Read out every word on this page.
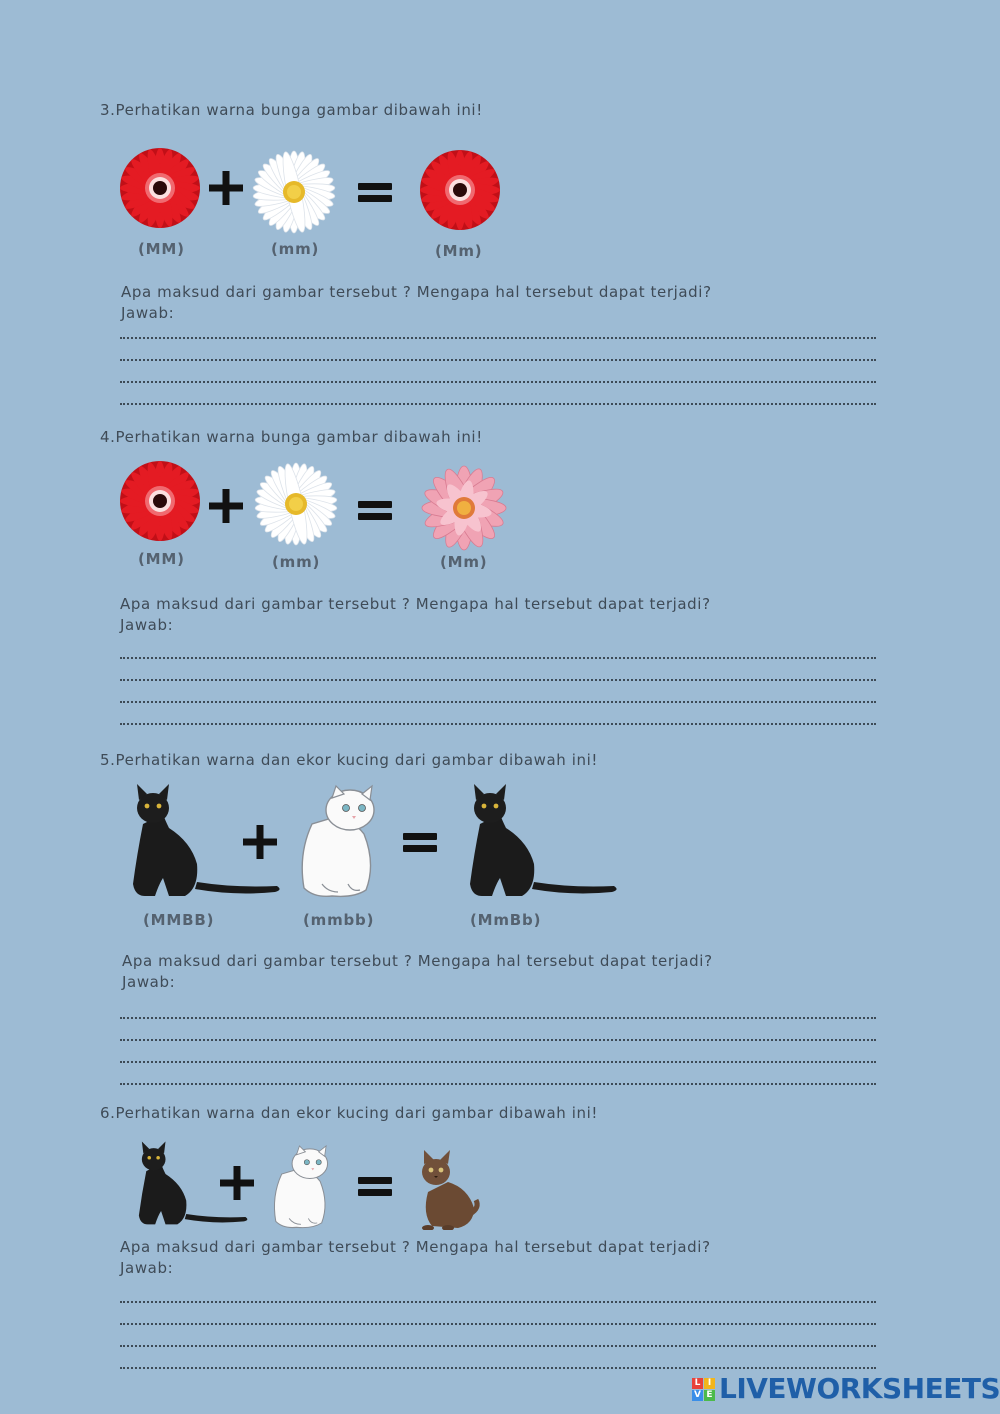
3.Perhatikan warna bunga gambar dibawah ini!
(MM)	(mm)	(Mm)
Apa maksud dari gambar tersebut ? Mengapa hal tersebut dapat terjadi?
Jawab:
4.Perhatikan warna bunga gambar dibawah ini!
(MM)	(mm)	(Mm)
Apa maksud dari gambar tersebut ? Mengapa hal tersebut dapat terjadi?
Jawab:
5.Perhatikan warna dan ekor kucing dari gambar dibawah ini!
(MMBB)	(mmbb)	(MmBb)
Apa maksud dari gambar tersebut ? Mengapa hal tersebut dapat terjadi?
Jawab:
6.Perhatikan warna dan ekor kucing dari gambar dibawah ini!
Apa maksud dari gambar tersebut ? Mengapa hal tersebut dapat terjadi?
Jawab:
L I
V E LIVEWORKSHEETS
